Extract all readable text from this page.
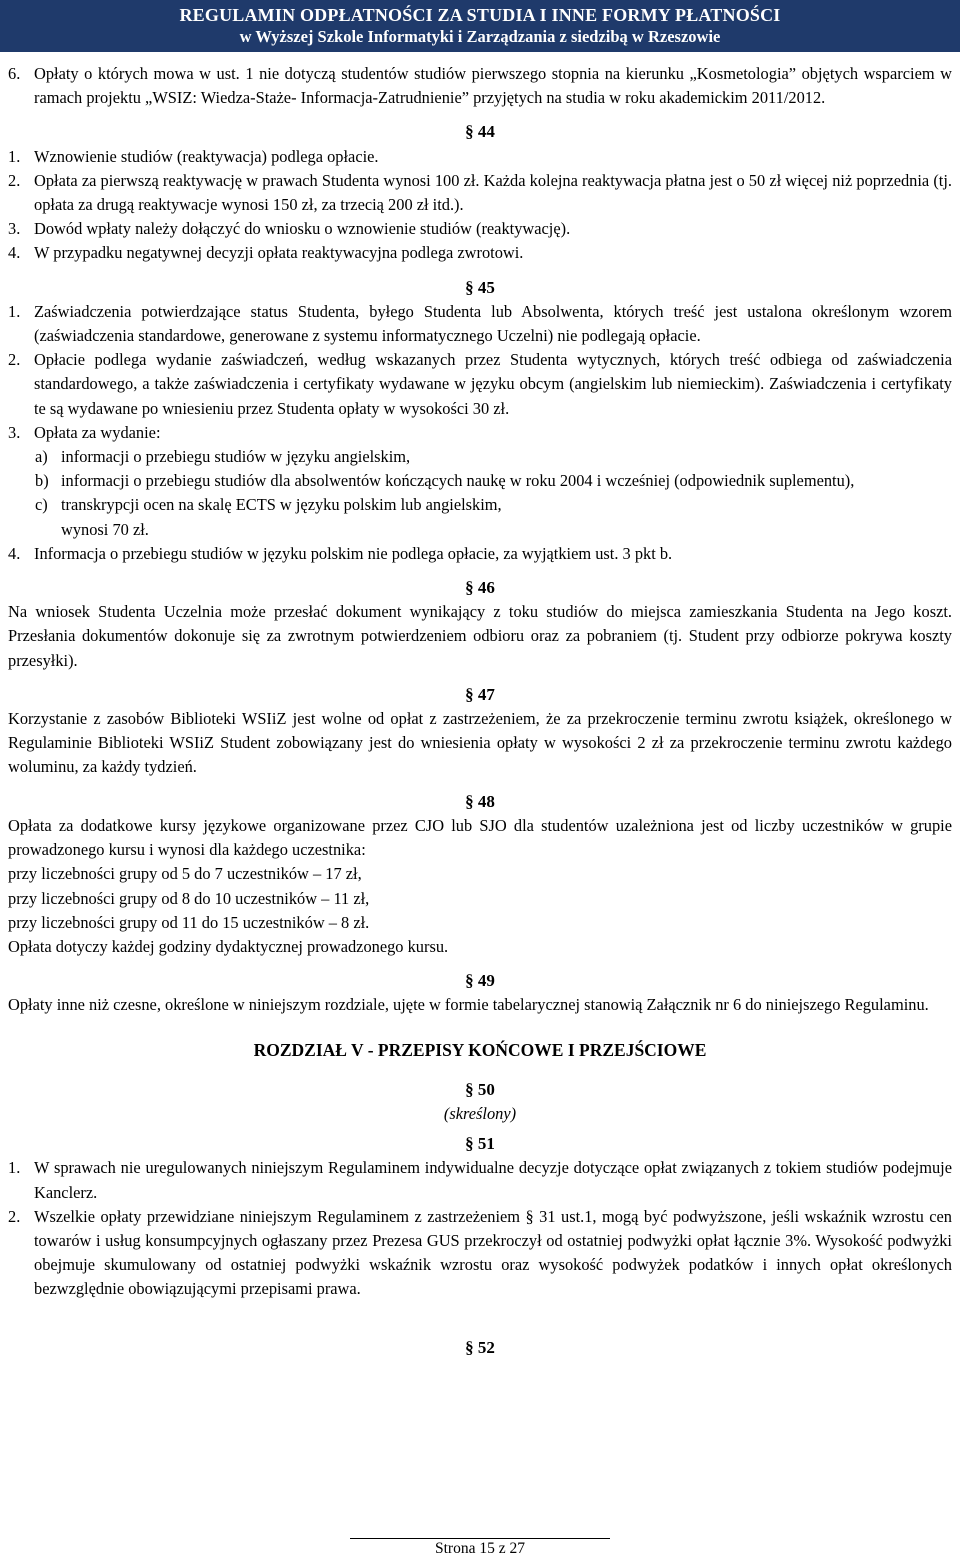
REGULAMIN ODPŁATNOŚCI ZA STUDIA I INNE FORMY PŁATNOŚCI
w Wyższej Szkole Informatyki i Zarządzania z siedzibą w Rzeszowie
6. Opłaty o których mowa w ust. 1 nie dotyczą studentów studiów pierwszego stopnia na kierunku „Kosmetologia” objętych wsparciem w ramach projektu „WSIZ: Wiedza-Staże- Informacja-Zatrudnienie” przyjętych na studia w roku akademickim 2011/2012.

§ 44

1. Wznowienie studiów (reaktywacja) podlega opłacie.
2. Opłata za pierwszą reaktywację w prawach Studenta wynosi 100 zł. Każda kolejna reaktywacja płatna jest o 50 zł więcej niż poprzednia (tj. opłata za drugą reaktywacje wynosi 150 zł, za trzecią 200 zł itd.).
3. Dowód wpłaty należy dołączyć do wniosku o wznowienie studiów (reaktywację).
4. W przypadku negatywnej decyzji opłata reaktywacyjna podlega zwrotowi.

§ 45

1. Zaświadczenia potwierdzające status Studenta, byłego Studenta lub Absolwenta, których treść jest ustalona określonym wzorem (zaświadczenia standardowe, generowane z systemu informatycznego Uczelni) nie podlegają opłacie.
2. Opłacie podlega wydanie zaświadczeń, według wskazanych przez Studenta wytycznych, których treść odbiega od zaświadczenia standardowego, a także zaświadczenia i certyfikaty wydawane w języku obcym (angielskim lub niemieckim). Zaświadczenia i certyfikaty te są wydawane po wniesieniu przez Studenta opłaty w wysokości 30 zł.
3. Opłata za wydanie:
a) informacji o przebiegu studiów w języku angielskim,
b) informacji o przebiegu studiów dla absolwentów kończących naukę w roku 2004 i wcześniej (odpowiednik suplementu),
c) transkrypcji ocen na skalę ECTS w języku polskim lub angielskim,
wynosi 70 zł.
4. Informacja o przebiegu studiów w języku polskim nie podlega opłacie, za wyjątkiem ust. 3 pkt b.

§ 46

Na wniosek Studenta Uczelnia może przesłać dokument wynikający z toku studiów do miejsca zamieszkania Studenta na Jego koszt. Przesłania dokumentów dokonuje się za zwrotnym potwierdzeniem odbioru oraz za pobraniem (tj. Student przy odbiorze pokrywa koszty przesyłki).

§ 47

Korzystanie z zasobów Biblioteki WSIiZ jest wolne od opłat z zastrzeżeniem, że za przekroczenie terminu zwrotu książek, określonego w Regulaminie Biblioteki WSIiZ Student zobowiązany jest do wniesienia opłaty w wysokości 2 zł za przekroczenie terminu zwrotu każdego woluminu, za każdy tydzień.

§ 48

Opłata za dodatkowe kursy językowe organizowane przez CJO lub SJO dla studentów uzależniona jest od liczby uczestników w grupie prowadzonego kursu i wynosi dla każdego uczestnika:

przy liczebności grupy od 5 do 7 uczestników – 17 zł,

przy liczebności grupy od 8 do 10 uczestników – 11 zł,

przy liczebności grupy od 11 do 15 uczestników – 8 zł.

Opłata dotyczy każdej godziny dydaktycznej prowadzonego kursu.

§ 49

Opłaty inne niż czesne, określone w niniejszym rozdziale, ujęte w formie tabelarycznej stanowią Załącznik nr 6 do niniejszego Regulaminu.

ROZDZIAŁ V - PRZEPISY KOŃCOWE I PRZEJŚCIOWE

§ 50

(skreślony)

§ 51

1. W sprawach nie uregulowanych niniejszym Regulaminem indywidualne decyzje dotyczące opłat związanych z tokiem studiów podejmuje Kanclerz.
2. Wszelkie opłaty przewidziane niniejszym Regulaminem z zastrzeżeniem § 31 ust.1, mogą być podwyższone, jeśli wskaźnik wzrostu cen towarów i usług konsumpcyjnych ogłaszany przez Prezesa GUS przekroczył od ostatniej podwyżki opłat łącznie 3%. Wysokość podwyżki obejmuje skumulowany od ostatniej podwyżki wskaźnik wzrostu oraz wysokość podwyżek podatków i innych opłat określonych bezwzględnie obowiązującymi przepisami prawa.

§ 52

Strona 15 z 27
